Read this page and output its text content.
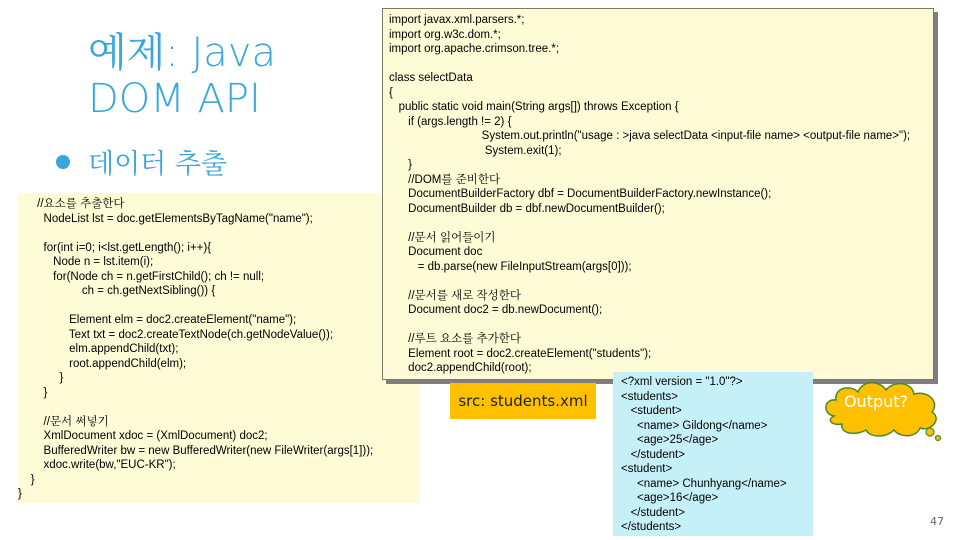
예제: Java
DOM API
데이터 추출
//요소를 추출한다
NodeList lst = doc.getElementsByTagName("name");

for(int i=0; i<lst.getLength(); i++){
Node n = lst.item(i);
for(Node ch = n.getFirstChild(); ch != null;
ch = ch.getNextSibling()) {

Element elm = doc2.createElement("name");
Text txt = doc2.createTextNode(ch.getNodeValue());
elm.appendChild(txt);
root.appendChild(elm);
}
}

//문서 써넣기
XmlDocument xdoc = (XmlDocument) doc2;
BufferedWriter bw = new BufferedWriter(new FileWriter(args[1]));
xdoc.write(bw,"EUC-KR");
}
}
import javax.xml.parsers.*;
import org.w3c.dom.*;
import org.apache.crimson.tree.*;

class selectData
{
public static void main(String args[]) throws Exception {
if (args.length != 2) {
System.out.println("usage : >java selectData <input-file name> <output-file name>");
System.exit(1);
}
//DOM를 준비한다
DocumentBuilderFactory dbf = DocumentBuilderFactory.newInstance();
DocumentBuilder db = dbf.newDocumentBuilder();

//문서 읽어들이기
Document doc
= db.parse(new FileInputStream(args[0]));

//문서를 새로 작성한다
Document doc2 = db.newDocument();

//루트 요소를 추가한다
Element root = doc2.createElement("students");
doc2.appendChild(root);
src: students.xml
<?xml version = "1.0"?>
<students>
<student>
<name> Gildong</name>
<age>25</age>
</student>
<student>
<name> Chunhyang</name>
<age>16</age>
</student>
</students>
Output?
47
